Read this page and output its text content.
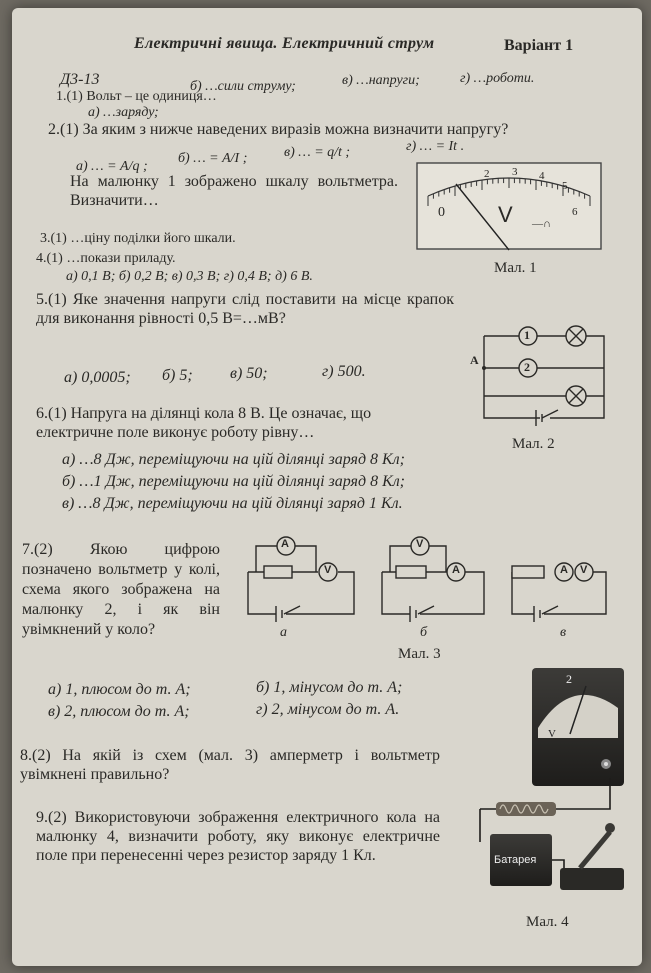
Д3-13
Електричні явища. Електричний струм	Варіант 1
1.(1) Вольт – це одиниця…
а) …заряду;
б) …сили струму;	в) …напруги;	г) …роботи.
2.(1) За яким з нижче наведених виразів можна визначити напругу?
а) … = A/q ;
б) … = A/I ;	в) … = q/t ;	г) … = It .
На малюнку 1 зображено шкалу вольтметра. Визначити…
3.(1) …ціну поділки його шкали.
4.(1) …покази приладу.
а) 0,1 В; б) 0,2 В; в) 0,3 В; г) 0,4 В; д) 6 В.
0
2 3 4
5
6
V —∩
Мал. 1
5.(1) Яке значення напруги слід поставити на місце крапок для виконання рівності 0,5 В=…мВ?
а) 0,0005; б) 5; в) 50;	г) 500.
1
2
A
Мал. 2
6.(1) Напруга на ділянці кола 8 В. Це означає, що електричне поле виконує роботу рівну…
а) …8 Дж, переміщуючи на цій ділянці заряд 8 Кл;
б) …1 Дж, переміщуючи на цій ділянці заряд 8 Кл;
в) …8 Дж, переміщуючи на цій ділянці заряд 1 Кл.
7.(2) Якою цифрою позначено вольтметр у колі, схема якого зображена на малюнку 2, і як він увімкнений у коло?
а) 1, плюсом до т. А;	б) 1, мінусом до т. А;
в) 2, плюсом до т. А;	г) 2, мінусом до т. А.
A
V
V
A	A V
а	б	в
Мал. 3
8.(2) На якій із схем (мал. 3) амперметр і вольтметр увімкнені правильно?
9.(2) Використовуючи зображення електричного кола на малюнку 4, визначити роботу, яку виконує електричне поле при перенесенні через резистор заряду 1 Кл.
2
V
Батарея
Мал. 4
